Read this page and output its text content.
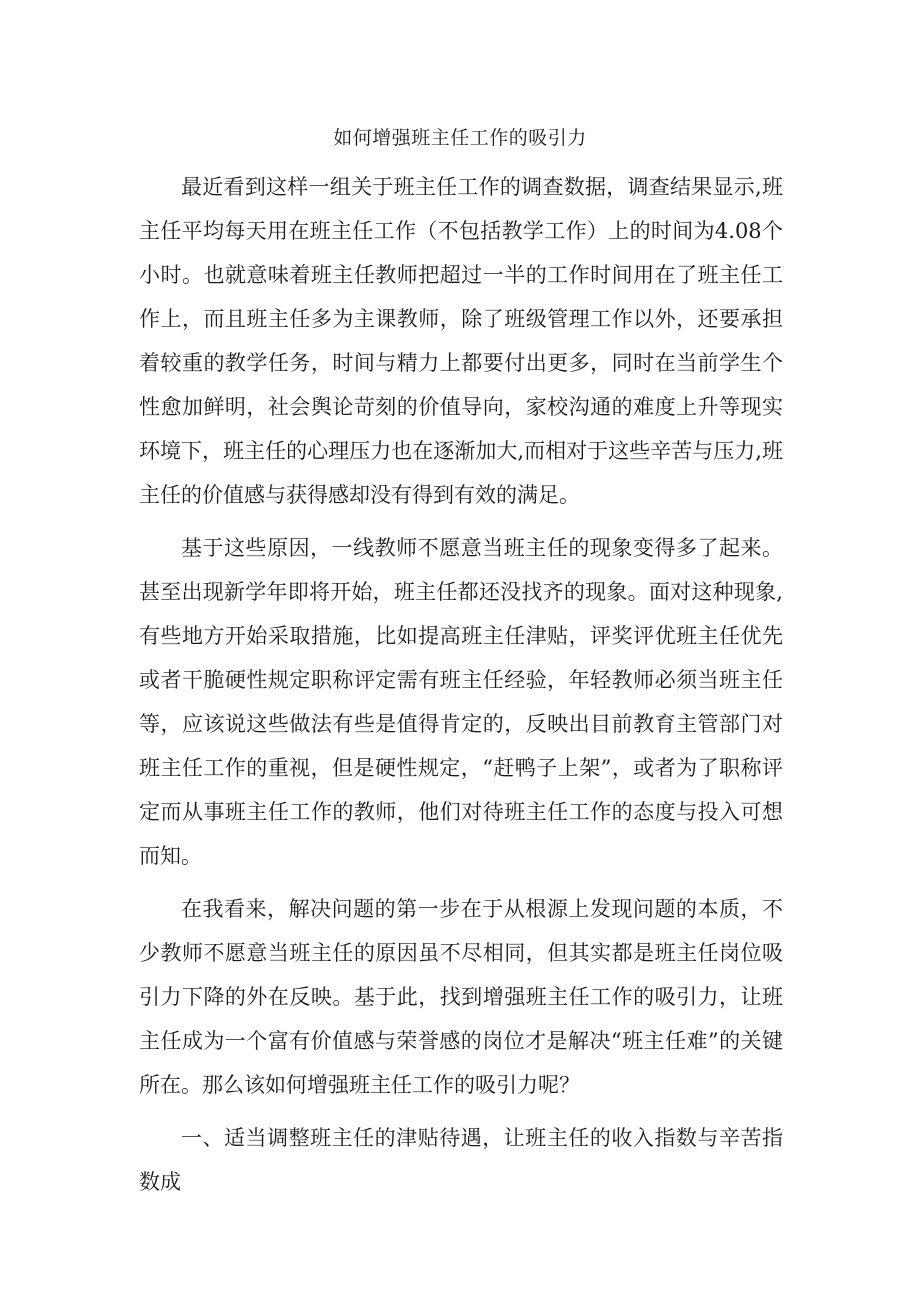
如何增强班主任工作的吸引力

最近看到这样一组关于班主任工作的调查数据，调查结果显示,班主任平均每天用在班主任工作（不包括教学工作）上的时间为4.08个小时。也就意味着班主任教师把超过一半的工作时间用在了班主任工作上，而且班主任多为主课教师，除了班级管理工作以外，还要承担着较重的教学任务，时间与精力上都要付出更多，同时在当前学生个性愈加鲜明，社会舆论苛刻的价值导向，家校沟通的难度上升等现实环境下，班主任的心理压力也在逐渐加大,而相对于这些辛苦与压力,班主任的价值感与获得感却没有得到有效的满足。

基于这些原因，一线教师不愿意当班主任的现象变得多了起来。甚至出现新学年即将开始，班主任都还没找齐的现象。面对这种现象,有些地方开始采取措施，比如提高班主任津贴，评奖评优班主任优先或者干脆硬性规定职称评定需有班主任经验，年轻教师必须当班主任等，应该说这些做法有些是值得肯定的，反映出目前教育主管部门对班主任工作的重视，但是硬性规定，“赶鸭子上架”，或者为了职称评定而从事班主任工作的教师，他们对待班主任工作的态度与投入可想而知。

在我看来，解决问题的第一步在于从根源上发现问题的本质，不少教师不愿意当班主任的原因虽不尽相同，但其实都是班主任岗位吸引力下降的外在反映。基于此，找到增强班主任工作的吸引力，让班主任成为一个富有价值感与荣誉感的岗位才是解决“班主任难”的关键所在。那么该如何增强班主任工作的吸引力呢？

一、适当调整班主任的津贴待遇，让班主任的收入指数与辛苦指数成
